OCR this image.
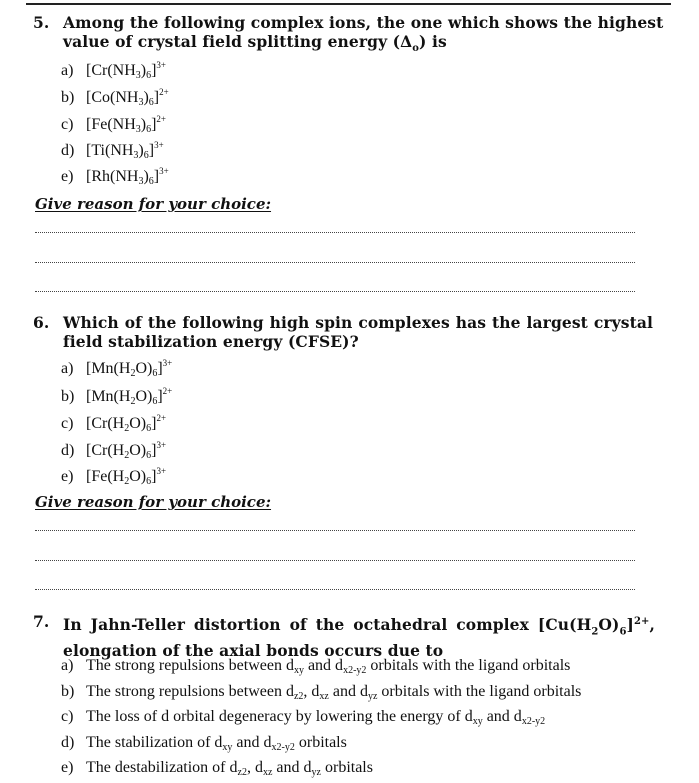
5. Among the following complex ions, the one which shows the highest
value of crystal field splitting energy $(\Delta_o)$ is
a) $[Cr(NH_3)_6]^{3+}$
b) $[Co(NH_3)_6]^{2+}$
c) $[Fe(NH_3)_6]^{2+}$
d) $[Ti(NH_3)_6]^{3+}$
e) $[Rh(NH_3)_6]^{3+}$
Give reason for your choice:
6. Which of the following high spin complexes has the largest crystal
field stabilization energy (CFSE)?
a) $[Mn(H_2O)_6]^{3+}$
b) $[Mn(H_2O)_6]^{2+}$
c) $[Cr(H_2O)_6]^{2+}$
d) $[Cr(H_2O)_6]^{3+}$
e) $[Fe(H_2O)_6]^{3+}$
Give reason for your choice:
7. In Jahn-Teller distortion of the octahedral complex $[Cu(H_2O)_6]^{2+}$,
elongation of the axial bonds occurs due to
a) The strong repulsions between $d_{xy}$ and $d_{x2-y2}$ orbitals with the ligand orbitals
b) The strong repulsions between $d_{z2}$, $d_{xz}$ and $d_{yz}$ orbitals with the ligand orbitals
c) The loss of d orbital degeneracy by lowering the energy of $d_{xy}$ and $d_{x2-y2}$
d) The stabilization of $d_{xy}$ and $d_{x2-y2}$ orbitals
e) The destabilization of $d_{z2}$, $d_{xz}$ and $d_{yz}$ orbitals
